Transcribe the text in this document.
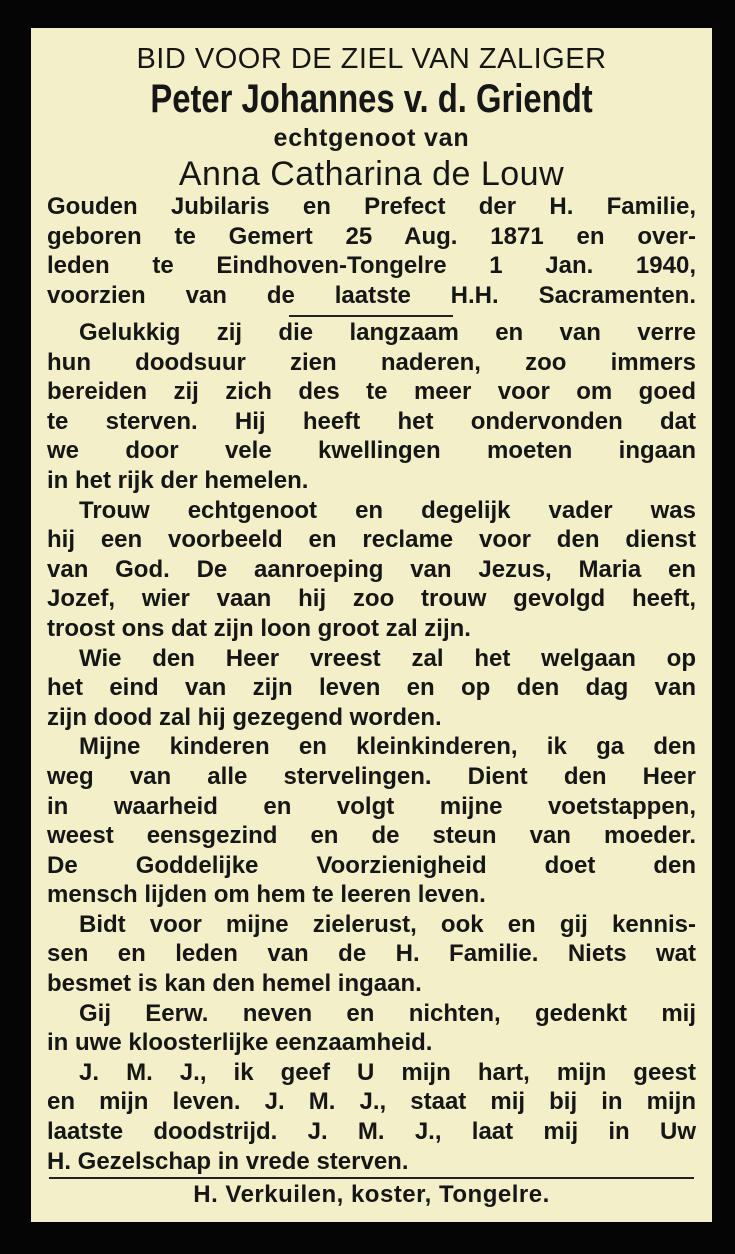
BID VOOR DE ZIEL VAN ZALIGER
Peter Johannes v. d. Griendt
echtgenoot van
Anna Catharina de Louw
Gouden Jubilaris en Prefect der H. Familie,
geboren te Gemert 25 Aug. 1871 en over-
leden te Eindhoven-Tongelre 1 Jan. 1940,
voorzien van de laatste H.H. Sacramenten.
Gelukkig zij die langzaam en van verre
hun doodsuur zien naderen, zoo immers
bereiden zij zich des te meer voor om goed
te sterven. Hij heeft het ondervonden dat
we door vele kwellingen moeten ingaan
in het rijk der hemelen.
Trouw echtgenoot en degelijk vader was
hij een voorbeeld en reclame voor den dienst
van God. De aanroeping van Jezus, Maria en
Jozef, wier vaan hij zoo trouw gevolgd heeft,
troost ons dat zijn loon groot zal zijn.
Wie den Heer vreest zal het welgaan op
het eind van zijn leven en op den dag van
zijn dood zal hij gezegend worden.
Mijne kinderen en kleinkinderen, ik ga den
weg van alle stervelingen. Dient den Heer
in waarheid en volgt mijne voetstappen,
weest eensgezind en de steun van moeder.
De Goddelijke Voorzienigheid doet den
mensch lijden om hem te leeren leven.
Bidt voor mijne zielerust, ook en gij kennis-
sen en leden van de H. Familie. Niets wat
besmet is kan den hemel ingaan.
Gij Eerw. neven en nichten, gedenkt mij
in uwe kloosterlijke eenzaamheid.
J. M. J., ik geef U mijn hart, mijn geest
en mijn leven. J. M. J., staat mij bij in mijn
laatste doodstrijd. J. M. J., laat mij in Uw
H. Gezelschap in vrede sterven.
H. Verkuilen, koster, Tongelre.
